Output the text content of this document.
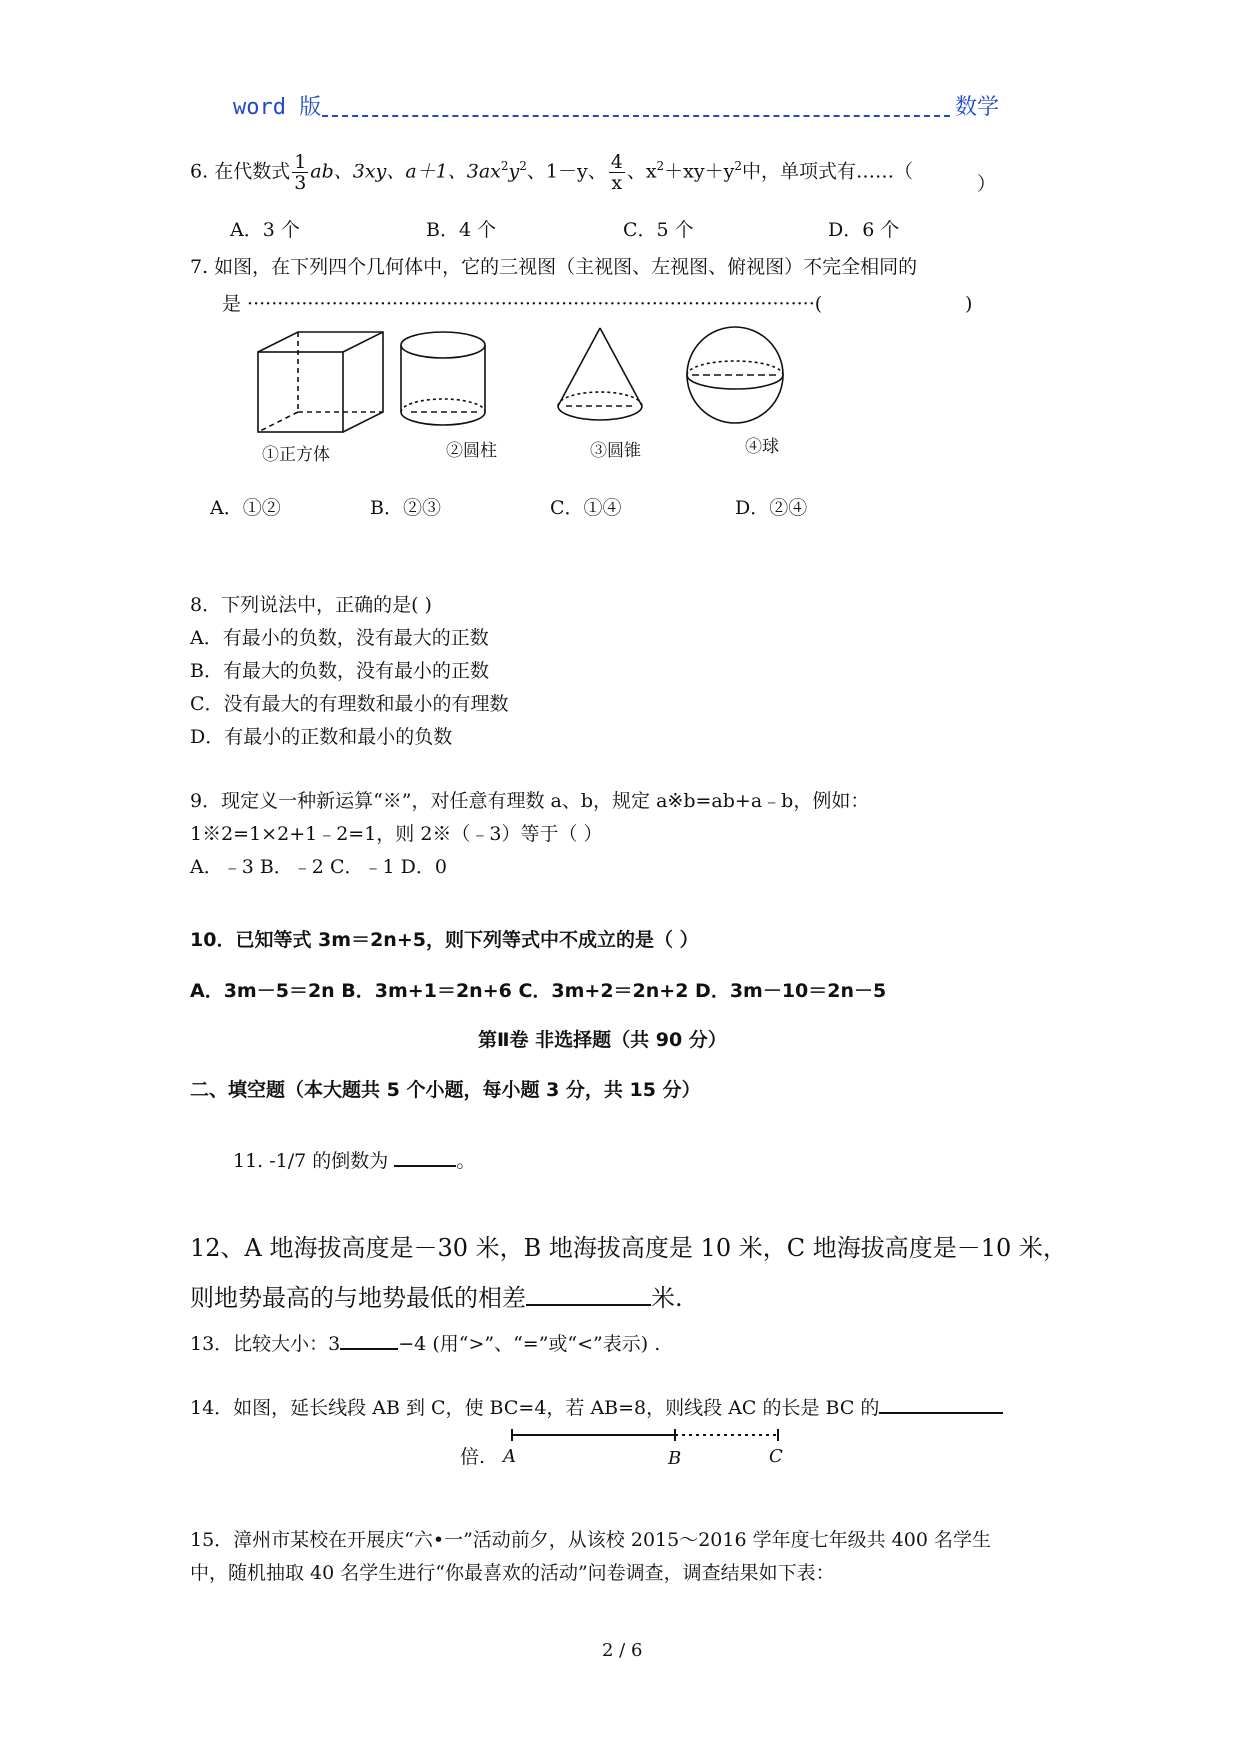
word 版	数学
6. 在代数式 $\frac{1}{3}$ ab、3xy、a＋1、$3ax^2y^2$、1－y、 $\frac{4}{x}$ 、$x^2+xy+y^2$中，单项式有……（
）
A．3 个	B．4 个	C．5 个	D．6 个
7. 如图，在下列四个几何体中，它的三视图（主视图、左视图、俯视图）不完全相同的
是 ······························································································(	)
①正方体	②圆柱	③圆锥	④球
A．①②	B．②③	C．①④	D．②④
8．下列说法中，正确的是( )
A．有最小的负数，没有最大的正数
B．有最大的负数，没有最小的正数
C．没有最大的有理数和最小的有理数
D．有最小的正数和最小的负数
9．现定义一种新运算“※”，对任意有理数 a、b，规定 a※b=ab+a﹣b，例如：
1※2=1×2+1﹣2=1，则 2※（﹣3）等于（ ）
A．﹣3 B．﹣2 C．﹣1 D．0
10．已知等式 3m＝2n+5，则下列等式中不成立的是（ ）
A．3m－5＝2n B．3m+1＝2n+6 C．3m+2＝2n+2 D．3m－10＝2n－5
第Ⅱ卷 非选择题（共 90 分）
二、填空题（本大题共 5 个小题，每小题 3 分，共 15 分）
11. -1/7 的倒数为	。
12、A 地海拔高度是－30 米，B 地海拔高度是 10 米，C 地海拔高度是－10 米，
则地势最高的与地势最低的相差	米.
13．比较大小：3	−4 (用“>”、“=”或“<”表示) .
14．如图，延长线段 AB 到 C，使 BC=4，若 AB=8，则线段 AC 的长是 BC 的
倍. A	B	C
15．漳州市某校在开展庆“六•一”活动前夕，从该校 2015～2016 学年度七年级共 400 名学生
中，随机抽取 40 名学生进行“你最喜欢的活动”问卷调查，调查结果如下表：
2 / 6
